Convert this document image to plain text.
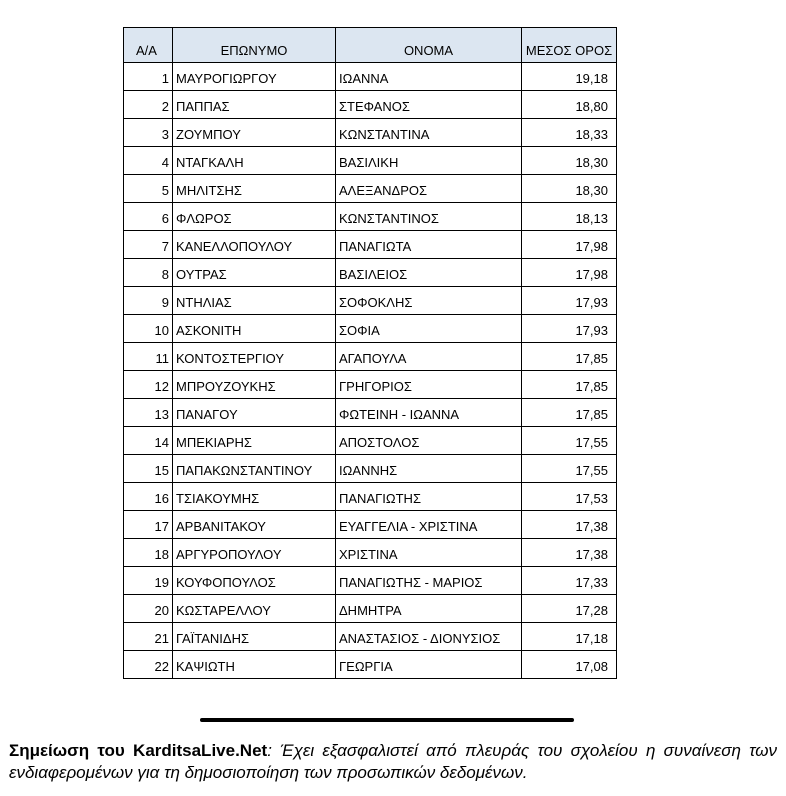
Α/Α	ΕΠΩΝΥΜΟ	ΟΝΟΜΑ	ΜΕΣΟΣ ΟΡΟΣ
1	ΜΑΥΡΟΓΙΩΡΓΟΥ	ΙΩΑΝΝΑ	19,18
2	ΠΑΠΠΑΣ	ΣΤΕΦΑΝΟΣ	18,80
3	ΖΟΥΜΠΟΥ	ΚΩΝΣΤΑΝΤΙΝΑ	18,33
4	ΝΤΑΓΚΑΛΗ	ΒΑΣΙΛΙΚΗ	18,30
5	ΜΗΛΙΤΣΗΣ	ΑΛΕΞΑΝΔΡΟΣ	18,30
6	ΦΛΩΡΟΣ	ΚΩΝΣΤΑΝΤΙΝΟΣ	18,13
7	ΚΑΝΕΛΛΟΠΟΥΛΟΥ	ΠΑΝΑΓΙΩΤΑ	17,98
8	ΟΥΤΡΑΣ	ΒΑΣΙΛΕΙΟΣ	17,98
9	ΝΤΗΛΙΑΣ	ΣΟΦΟΚΛΗΣ	17,93
10	ΑΣΚΟΝΙΤΗ	ΣΟΦΙΑ	17,93
11	ΚΟΝΤΟΣΤΕΡΓΙΟΥ	ΑΓΑΠΟΥΛΑ	17,85
12	ΜΠΡΟΥΖΟΥΚΗΣ	ΓΡΗΓΟΡΙΟΣ	17,85
13	ΠΑΝΑΓΟΥ	ΦΩΤΕΙΝΗ - ΙΩΑΝΝΑ	17,85
14	ΜΠΕΚΙΑΡΗΣ	ΑΠΟΣΤΟΛΟΣ	17,55
15	ΠΑΠΑΚΩΝΣΤΑΝΤΙΝΟΥ	ΙΩΑΝΝΗΣ	17,55
16	ΤΣΙΑΚΟΥΜΗΣ	ΠΑΝΑΓΙΩΤΗΣ	17,53
17	ΑΡΒΑΝΙΤΑΚΟΥ	ΕΥΑΓΓΕΛΙΑ - ΧΡΙΣΤΙΝΑ	17,38
18	ΑΡΓΥΡΟΠΟΥΛΟΥ	ΧΡΙΣΤΙΝΑ	17,38
19	ΚΟΥΦΟΠΟΥΛΟΣ	ΠΑΝΑΓΙΩΤΗΣ - ΜΑΡΙΟΣ	17,33
20	ΚΩΣΤΑΡΕΛΛΟΥ	ΔΗΜΗΤΡΑ	17,28
21	ΓΑΪΤΑΝΙΔΗΣ	ΑΝΑΣΤΑΣΙΟΣ - ΔΙΟΝΥΣΙΟΣ	17,18
22	ΚΑΨΙΩΤΗ	ΓΕΩΡΓΙΑ	17,08

Σημείωση του KarditsaLive.Net: Έχει εξασφαλιστεί από πλευράς του σχολείου η συναίνεση των ενδιαφερομένων για τη δημοσιοποίηση των προσωπικών δεδομένων.
